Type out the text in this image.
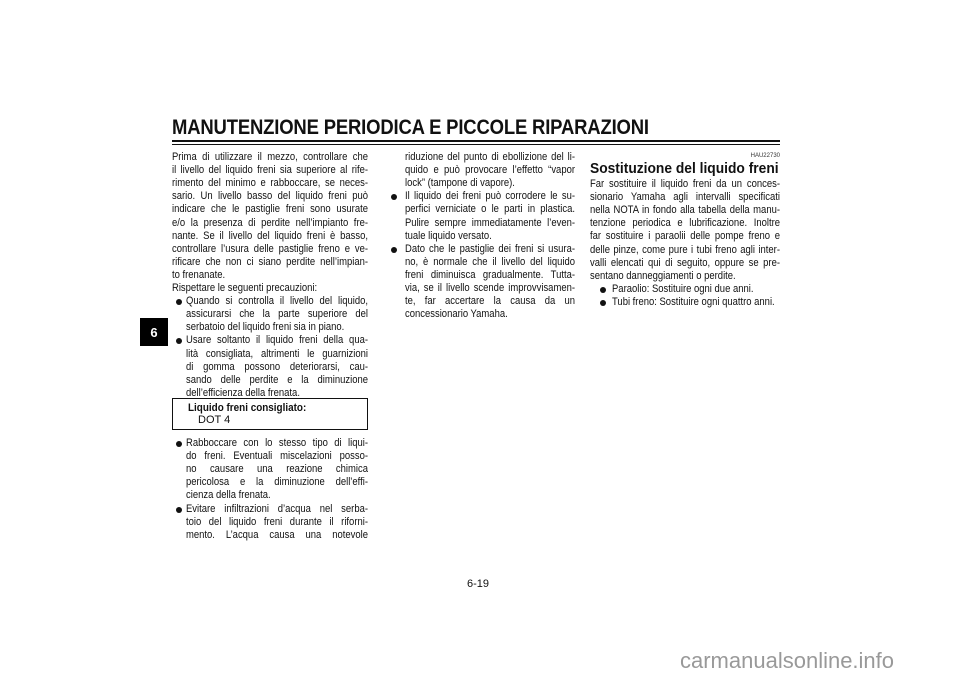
MANUTENZIONE PERIODICA E PICCOLE RIPARAZIONI
6
Liquido freni consigliato:
DOT 4
HAU22730
Sostituzione del liquido freni
6-19
carmanualsonline.info
Prima di utilizzare il mezzo, controllare che
il livello del liquido freni sia superiore al rife-
rimento del minimo e rabboccare, se neces-
sario. Un livello basso del liquido freni può
indicare che le pastiglie freni sono usurate
e/o la presenza di perdite nell’impianto fre-
nante. Se il livello del liquido freni è basso,
controllare l’usura delle pastiglie freno e ve-
rificare che non ci siano perdite nell’impian-
to frenanate.
Rispettare le seguenti precauzioni:
Quando si controlla il livello del liquido,
assicurarsi che la parte superiore del
serbatoio del liquido freni sia in piano.
Usare soltanto il liquido freni della qua-
lità consigliata, altrimenti le guarnizioni
di gomma possono deteriorarsi, cau-
sando delle perdite e la diminuzione
dell’efficienza della frenata.
Rabboccare con lo stesso tipo di liqui-
do freni. Eventuali miscelazioni posso-
no causare una reazione chimica
pericolosa e la diminuzione dell’effi-
cienza della frenata.
Evitare infiltrazioni d’acqua nel serba-
toio del liquido freni durante il riforni-
mento. L’acqua causa una notevole
riduzione del punto di ebollizione del li-
quido e può provocare l’effetto “vapor
lock” (tampone di vapore).
Il liquido dei freni può corrodere le su-
perfici verniciate o le parti in plastica.
Pulire sempre immediatamente l’even-
tuale liquido versato.
Dato che le pastiglie dei freni si usura-
no, è normale che il livello del liquido
freni diminuisca gradualmente. Tutta-
via, se il livello scende improvvisamen-
te, far accertare la causa da un
concessionario Yamaha.
Far sostituire il liquido freni da un conces-
sionario Yamaha agli intervalli specificati
nella NOTA in fondo alla tabella della manu-
tenzione periodica e lubrificazione. Inoltre
far sostituire i paraolii delle pompe freno e
delle pinze, come pure i tubi freno agli inter-
valli elencati qui di seguito, oppure se pre-
sentano danneggiamenti o perdite.
Paraolio: Sostituire ogni due anni.
Tubi freno: Sostituire ogni quattro anni.
